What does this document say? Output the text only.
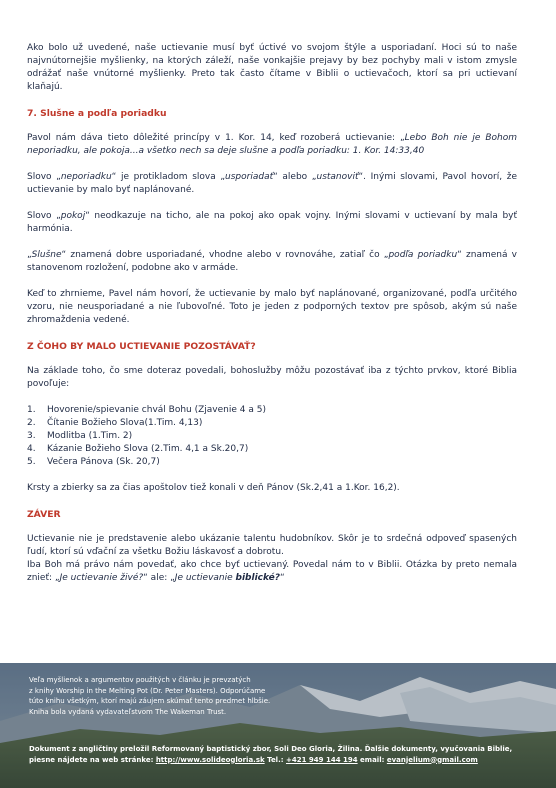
Ako bolo už uvedené, naše uctievanie musí byť úctivé vo svojom štýle a usporiadaní. Hoci sú to naše najvnútornejšie myšlienky, na ktorých záleží, naše vonkajšie prejavy by bez pochyby mali v istom zmysle odrážať naše vnútorné myšlienky. Preto tak často čítame v Biblii o uctievačoch, ktorí sa pri uctievaní klaňajú.

7. Slušne a podľa poriadku

Pavol nám dáva tieto dôležité princípy v 1. Kor. 14, keď rozoberá uctievanie: „Lebo Boh nie je Bohom neporiadku, ale pokoja...a všetko nech sa deje slušne a podľa poriadku: 1. Kor. 14:33,40

Slovo „neporiadku“ je protikladom slova „usporiadať“ alebo „ustanoviť“. Inými slovami, Pavol hovorí, že uctievanie by malo byť naplánované.

Slovo „pokoj“ neodkazuje na ticho, ale na pokoj ako opak vojny. Inými slovami v uctievaní by mala byť harmónia.

„Slušne“ znamená dobre usporiadané, vhodne alebo v rovnováhe, zatiaľ čo „podľa poriadku“ znamená v stanovenom rozložení, podobne ako v armáde.

Keď to zhrnieme, Pavel nám hovorí, že uctievanie by malo byť naplánované, organizované, podľa určitého vzoru, nie neusporiadané a nie ľubovoľné. Toto je jeden z podporných textov pre spôsob, akým sú naše zhromaždenia vedené.

Z ČOHO BY MALO UCTIEVANIE POZOSTÁVAŤ?

Na základe toho, čo sme doteraz povedali, bohoslužby môžu pozostávať iba z týchto prvkov, ktoré Biblia povoľuje:

1.	Hovorenie/spievanie chvál Bohu (Zjavenie 4 a 5)
2.	Čítanie Božieho Slova(1.Tim. 4,13)
3.	Modlitba (1.Tim. 2)
4.	Kázanie Božieho Slova (2.Tim. 4,1 a Sk.20,7)
5.	Večera Pánova (Sk. 20,7)

Krsty a zbierky sa za čias apoštolov tiež konali v deň Pánov (Sk.2,41 a 1.Kor. 16,2).

ZÁVER

Uctievanie nie je predstavenie alebo ukázanie talentu hudobníkov. Skôr je to srdečná odpoveď spasených ľudí, ktorí sú vďační za všetku Božiu láskavosť a dobrotu.
Iba Boh má právo nám povedať, ako chce byť uctievaný. Povedal nám to v Biblii. Otázka by preto nemala znieť: „Je uctievanie živé?“ ale: „Je uctievanie biblické?“

Veľa myšlienok a argumentov použitých v článku je prevzatých
z knihy Worship in the Melting Pot (Dr. Peter Masters). Odporúčame
túto knihu všetkým, ktorí majú záujem skúmať tento predmet hlbšie.
Kniha bola vydaná vydavateľstvom The Wakeman Trust.
Dokument z angličtiny preložil Reformovaný baptistický zbor, Soli Deo Gloria, Žilina. Ďalšie dokumenty, vyučovania Biblie,
piesne nájdete na web stránke: http://www.solideogloria.sk Tel.: +421 949 144 194 email: evanjelium@gmail.com
